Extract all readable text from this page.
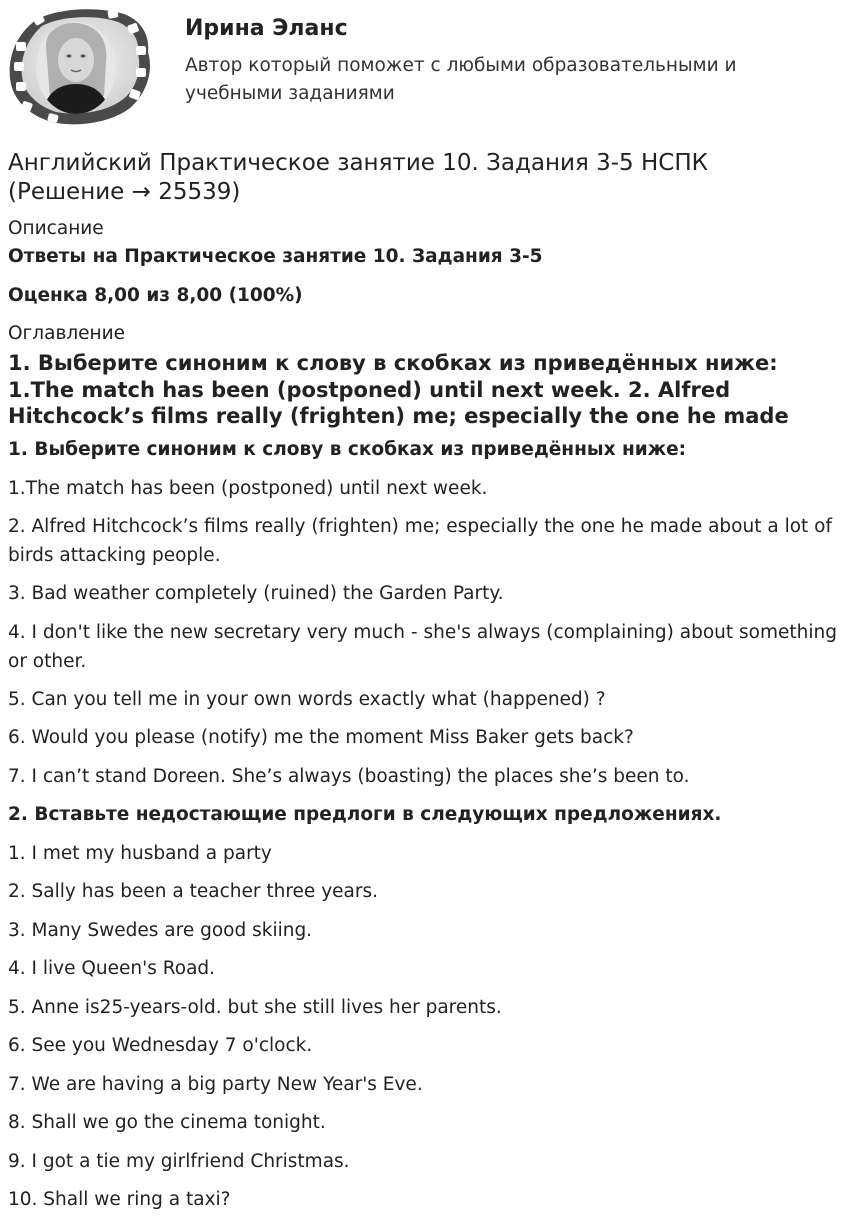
Ирина Эланс
Автор который поможет с любыми образовательными и учебными заданиями
Английский Практическое занятие 10. Задания 3-5 НСПК (Решение → 25539)
Описание
Ответы на Практическое занятие 10. Задания 3-5
Оценка 8,00 из 8,00 (100%)
Оглавление
1. Выберите синоним к слову в скобках из приведённых ниже: 1.The match has been (postponed) until next week. 2. Alfred Hitchcock’s films really (frighten) me; especially the one he made
1. Выберите синоним к слову в скобках из приведённых ниже:
1.The match has been (postponed) until next week.
2. Alfred Hitchcock’s films really (frighten) me; especially the one he made about a lot of birds attacking people.
3. Bad weather completely (ruined) the Garden Party.
4. I don't like the new secretary very much - she's always (complaining) about something or other.
5. Can you tell me in your own words exactly what (happened) ?
6. Would you please (notify) me the moment Miss Baker gets back?
7. I can’t stand Doreen. She’s always (boasting) the places she’s been to.
2. Вставьте недостающие предлоги в следующих предложениях.
1. I met my husband a party
2. Sally has been a teacher three years.
3. Many Swedes are good skiing.
4. I live Queen's Road.
5. Anne is25-years-old. but she still lives her parents.
6. See you Wednesday 7 o'clock.
7. We are having a big party New Year's Eve.
8. Shall we go the cinema tonight.
9. I got a tie my girlfriend Christmas.
10. Shall we ring a taxi?
